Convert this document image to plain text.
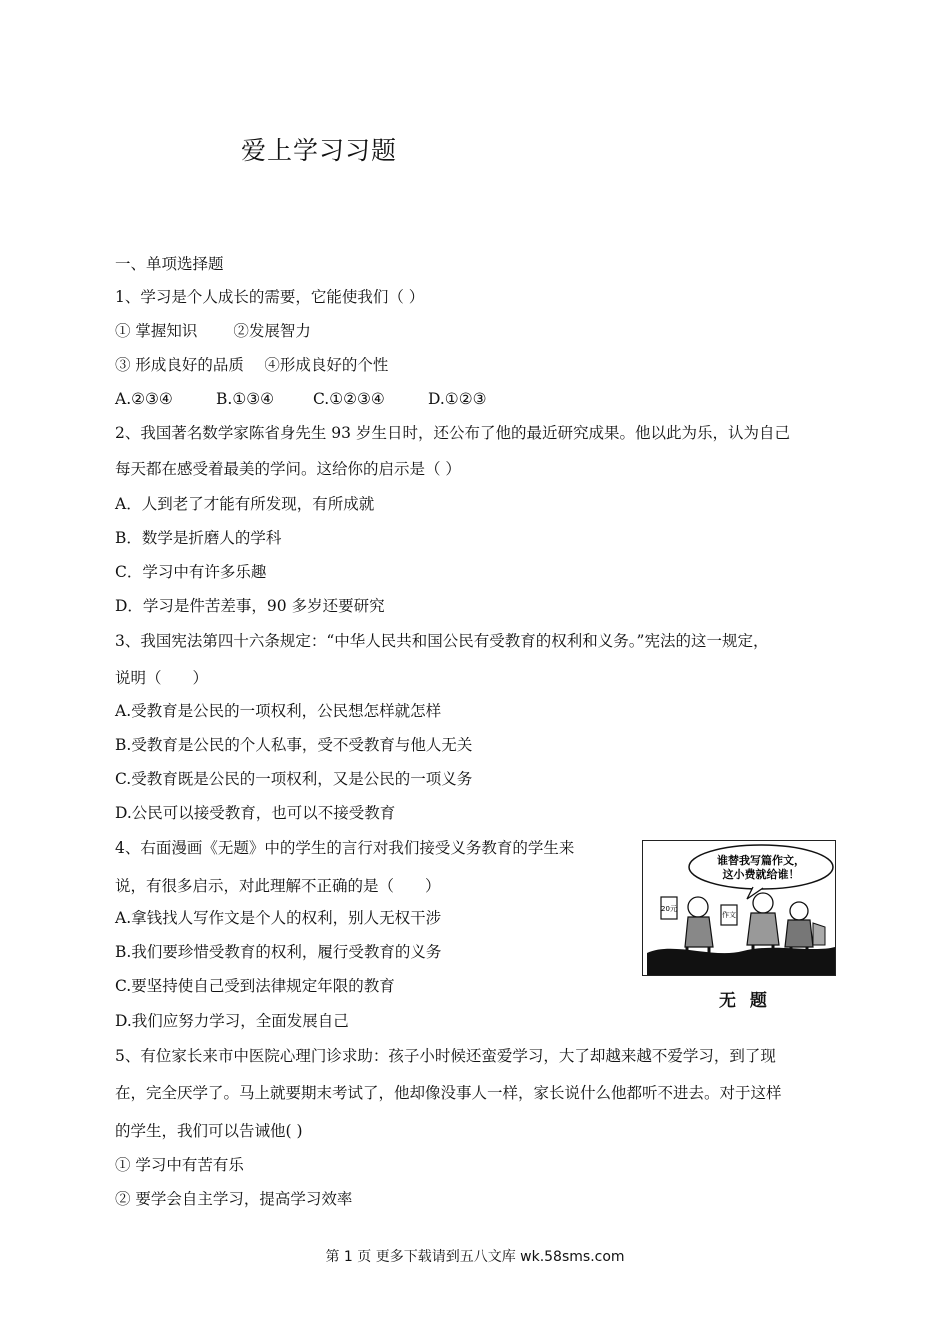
爱上学习习题
一、单项选择题
1、学习是个人成长的需要，它能使我们（ ）
① 掌握知识　　 ②发展智力
③ 形成良好的品质　 ④形成良好的个性
A.②③④	B.①③④	C.①②③④	D.①②③
2、我国著名数学家陈省身先生 93 岁生日时，还公布了他的最近研究成果。他以此为乐，认为自己
每天都在感受着最美的学问。这给你的启示是（ ）
A．人到老了才能有所发现，有所成就
B．数学是折磨人的学科
C．学习中有许多乐趣
D．学习是件苦差事，90 多岁还要研究
3、我国宪法第四十六条规定：“中华人民共和国公民有受教育的权利和义务。”宪法的这一规定，
说明（　　）
A.受教育是公民的一项权利，公民想怎样就怎样
B.受教育是公民的个人私事，受不受教育与他人无关
C.受教育既是公民的一项权利，又是公民的一项义务
D.公民可以接受教育，也可以不接受教育
4、右面漫画《无题》中的学生的言行对我们接受义务教育的学生来
说，有很多启示，对此理解不正确的是（　　）
A.拿钱找人写作文是个人的权利，别人无权干涉
B.我们要珍惜受教育的权利，履行受教育的义务
C.要坚持使自己受到法律规定年限的教育
D.我们应努力学习，全面发展自己
谁替我写篇作文，
这小费就给谁！
20元
作文
无 题
5、有位家长来市中医院心理门诊求助：孩子小时候还蛮爱学习，大了却越来越不爱学习，到了现
在，完全厌学了。马上就要期末考试了，他却像没事人一样，家长说什么他都听不进去。对于这样
的学生，我们可以告诫他( )
① 学习中有苦有乐
② 要学会自主学习，提高学习效率
第 1 页 更多下载请到五八文库 wk.58sms.com
